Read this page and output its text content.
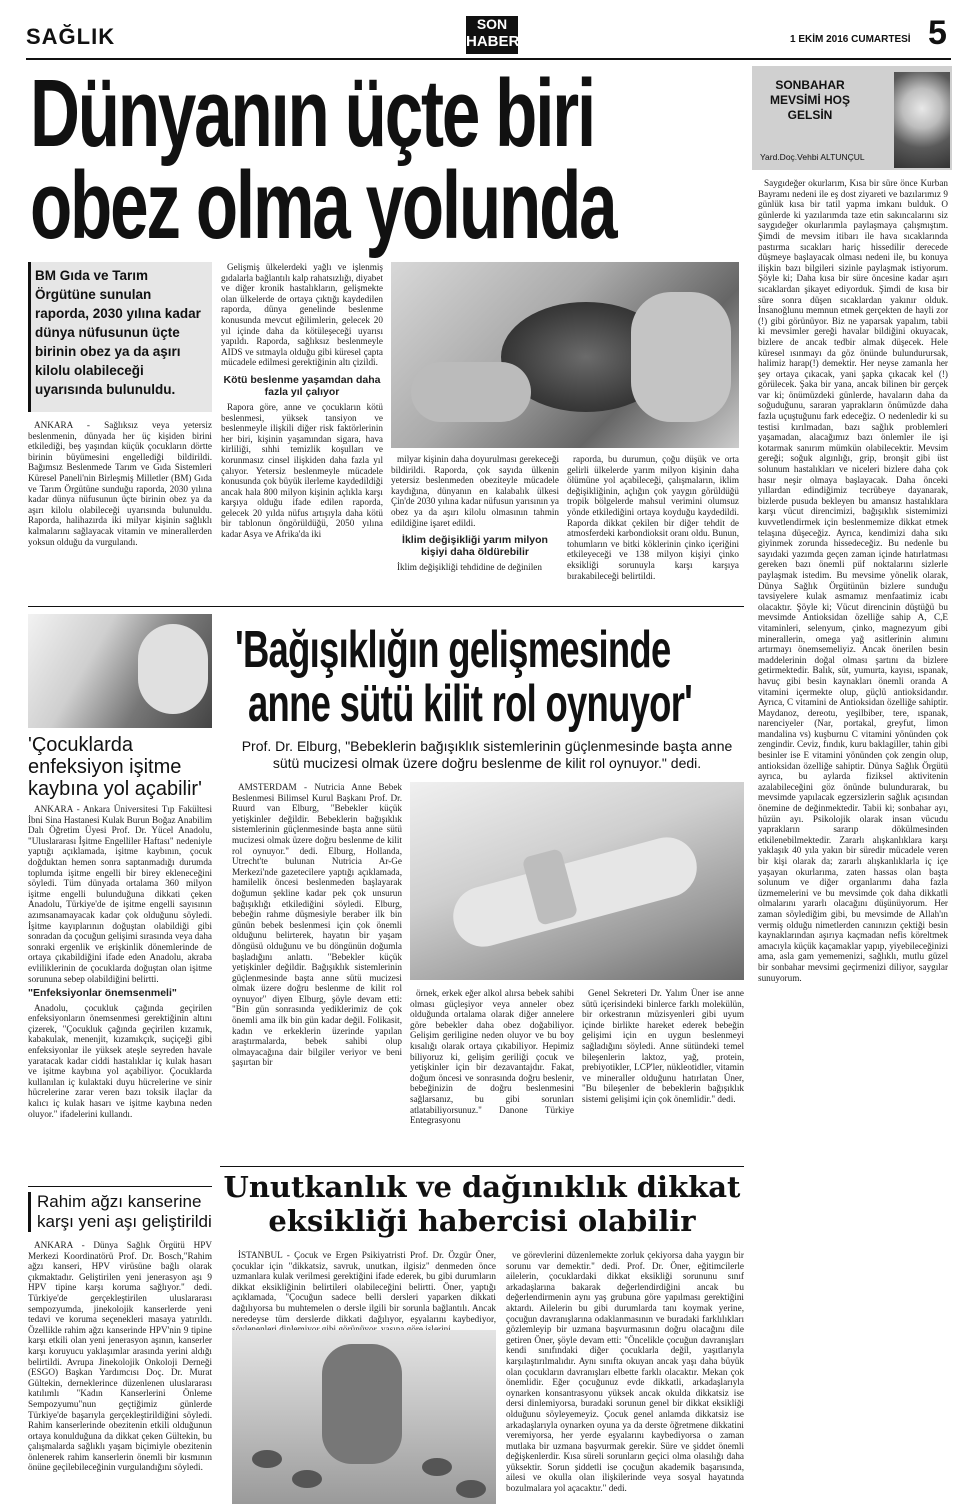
SAĞLIK	SON
HABER	1 EKİM 2016 CUMARTESİ 5
Dünyanın üçte biri
obez olma yolunda
BM Gıda ve Tarım Örgütüne sunulan raporda, 2030 yılına kadar dünya nüfusunun üçte birinin obez ya da aşırı kilolu olabileceği uyarısında bulunuldu.

ANKARA - Sağlıksız veya yetersiz beslenmenin, dünyada her üç kişiden birini etkilediği, beş yaşından küçük çocukların dörtte birinin büyümesini engellediği bildirildi. Bağımsız Beslenmede Tarım ve Gıda Sistemleri Küresel Paneli'nin Birleşmiş Milletler (BM) Gıda ve Tarım Örgütüne sunduğu raporda, 2030 yılına kadar dünya nüfusunun üçte birinin obez ya da aşırı kilolu olabileceği uyarısında bulunuldu. Raporda, halihazırda iki milyar kişinin sağlıklı kalmalarını sağlayacak vitamin ve minerallerden yoksun olduğu da vurgulandı.

Gelişmiş ülkelerdeki yağlı ve işlenmiş gıdalarla bağlantılı kalp rahatsızlığı, diyabet ve diğer kronik hastalıkların, gelişmekte olan ülkelerde de ortaya çıktığı kaydedilen raporda, dünya genelinde beslenme konusunda mevcut eğilimlerin, gelecek 20 yıl içinde daha da kötüleşeceği uyarısı yapıldı. Raporda, sağlıksız beslenmeyle AIDS ve sıtmayla olduğu gibi küresel çapta mücadele edilmesi gerektiğinin altı çizildi.

Kötü beslenme yaşamdan daha fazla yıl çalıyor

Rapora göre, anne ve çocukların kötü beslenmesi, yüksek tansiyon ve beslenmeyle ilişkili diğer risk faktörlerinin her biri, kişinin yaşamından sigara, hava kirliliği, sıhhi temizlik koşulları ve korunmasız cinsel ilişkiden daha fazla yıl çalıyor. Yetersiz beslenmeyle mücadele konusunda çok büyük ilerleme kaydedildiği ancak hala 800 milyon kişinin açlıkla karşı karşıya olduğu ifade edilen raporda, gelecek 20 yılda nüfus artışıyla daha kötü bir tablonun öngörüldüğü, 2050 yılına kadar Asya ve Afrika'da iki

milyar kişinin daha doyurulması gerekeceği bildirildi. Raporda, çok sayıda ülkenin yetersiz beslenmeden obeziteyle mücadele kaydığına, dünyanın en kalabalık ülkesi Çin'de 2030 yılına kadar nüfusun yarısının ya obez ya da aşırı kilolu olmasının tahmin edildiğine işaret edildi.

İklim değişikliği yarım milyon kişiyi daha öldürebilir

İklim değişikliği tehdidine de değinilen

raporda, bu durumun, çoğu düşük ve orta gelirli ülkelerde yarım milyon kişinin daha ölümüne yol açabileceği, çalışmaların, iklim değişikliğinin, açlığın çok yaygın görüldüğü tropik bölgelerde mahsul verimini olumsuz yönde etkilediğini ortaya koyduğu kaydedildi. Raporda dikkat çekilen bir diğer tehdit de atmosferdeki karbondioksit oranı oldu. Bunun, tohumların ve bitki köklerinin çinko içeriğini etkileyeceği ve 138 milyon kişiyi çinko eksikliği sorunuyla karşı karşıya bırakabileceği belirtildi.

SONBAHAR MEVSİMİ HOŞ GELSİN
Yard.Doç.Vehbi ALTUNÇUL

Saygıdeğer okurlarım, Kısa bir süre önce Kurban Bayramı nedeni ile eş dost ziyareti ve bazılarımız 9 günlük kısa bir tatil yapma imkanı bulduk. O günlerde ki yazılarımda taze etin sakıncalarını siz saygıdeğer okurlarımla paylaşmaya çalışmıştım. Şimdi de mevsim itibarı ile hava sıcaklarında pastırma sıcakları hariç hissedilir derecede düşmeye başlayacak olması nedeni ile, bu konuya ilişkin bazı bilgileri sizinle paylaşmak istiyorum. Şöyle ki; Daha kısa bir süre öncesine kadar aşırı sıcaklardan şikayet ediyorduk. Şimdi de kısa bir süre sonra düşen sıcaklardan yakınır olduk. İnsanoğlunu memnun etmek gerçekten de hayli zor (!) gibi görünüyor. Biz ne yaparsak yapalım, tabii ki mevsimler gereği havalar bildiğini okuyacak, bizlere de ancak tedbir almak düşecek. Hele küresel ısınmayı da göz önünde bulundurursak, halimiz harap(!) demektir. Her neyse zamanla her şey ortaya çıkacak, yani şapka çıkacak kel (!) görülecek. Şaka bir yana, ancak bilinen bir gerçek var ki; önümüzdeki günlerde, havaların daha da soğuduğunu, sararan yaprakların önümüzde daha fazla uçuştuğunu fark edeceğiz. O nedenledir ki su testisi kırılmadan, bazı sağlık problemleri yaşamadan, alacağımız bazı önlemler ile işi kotarmak sanırım mümkün olabilecektir. Mevsim gereği; soğuk algınlığı, grip, bronşit gibi üst solunum hastalıkları ve niceleri bizlere daha çok hasır neşir olmaya başlayacak. Daha önceki yıllardan edindiğimiz tecrübeye dayanarak, bizlerde pusuda bekleyen bu amansız hastalıklara karşı vücut direncimizi, bağışıklık sistemimizi kuvvetlendirmek için beslenmemize dikkat etmek telaşına düşeceğiz. Ayrıca, kendimizi daha sıkı giyinmek zorunda hissedeceğiz. Bu nedenle bu sayıdaki yazımda geçen zaman içinde hatırlatması gereken bazı önemli püf noktalarını sizlerle paylaşmak istedim. Bu mevsime yönelik olarak, Dünya Sağlık Örgütünün bizlere sunduğu tavsiyelere kulak asmamız menfaatimiz icabı olacaktır. Şöyle ki; Vücut direncinin düştüğü bu mevsimde Antioksidan özelliğe sahip A, C,E vitaminleri, selenyum, çinko, magnezyum gibi minerallerin, omega yağ asitlerinin alımını artırmayı önemsemeliyiz. Ancak önerilen besin maddelerinin doğal olması şartını da bizlere getirmektedir. Balık, süt, yumurta, kayısı, ıspanak, havuç gibi besin kaynakları önemli oranda A vitamini içermekte olup, güçlü antioksidandır. Ayrıca, C vitamini de Antioksidan özelliğe sahiptir. Maydanoz, dereotu, yeşilbiber, tere, ıspanak, narenciyeler (Nar, portakal, greyfut, limon mandalina vs) kuşburnu C vitamini yönünden çok zengindir. Ceviz, fındık, kuru baklagiller, tahin gibi besinler ise E vitamini yönünden çok zengin olup, antioksidan özelliğe sahiptir. Dünya Sağlık Örgütü ayrıca, bu aylarda fiziksel aktivitenin azalabileceğini göz önünde bulundurarak, bu mevsimde yapılacak egzersizlerin sağlık açısından önemine de değinmektedir. Tabii ki; sonbahar ayı, hüzün ayı. Psikolojik olarak insan vücudu yaprakların sararıp dökülmesinden etkilenebilmektedir. Zararlı alışkanlıklara karşı yaklaşık 40 yıla yakın bir süredir mücadele veren bir kişi olarak da; zararlı alışkanlıklarla iç içe yaşayan okurlarıma, zaten hassas olan başta solunum ve diğer organlarımı daha fazla üzmemelerini ve bu mevsimde çok daha dikkatli olmalarını yararlı olacağını düşünüyorum. Her zaman söylediğim gibi, bu mevsimde de Allah'ın vermiş olduğu nimetlerden canınızın çektiği besin kaynaklarından aşırıya kaçmadan nefis köreltmek amacıyla küçük kaçamaklar yapıp, yiyebileceğinizi ama, asla gam yememenizi, sağlıklı, mutlu güzel bir sonbahar mevsimi geçirmenizi diliyor, saygılar sunuyorum.

'Çocuklarda enfeksiyon işitme kaybına yol açabilir'

ANKARA - Ankara Üniversitesi Tıp Fakültesi İbni Sina Hastanesi Kulak Burun Boğaz Anabilim Dalı Öğretim Üyesi Prof. Dr. Yücel Anadolu, "Uluslararası İşitme Engelliler Haftası" nedeniyle yaptığı açıklamada, işitme kaybının, çocuk doğduktan hemen sonra saptanmadığı durumda toplumda işitme engelli bir birey ekleneceğini söyledi. Tüm dünyada ortalama 360 milyon işitme engelli bulunduğuna dikkati çeken Anadolu, Türkiye'de de işitme engelli sayısının azımsanamayacak kadar çok olduğunu söyledi. İşitme kayıplarının doğuştan olabildiği gibi sonradan da çocuğun gelişimi sırasında veya daha sonraki ergenlik ve erişkinlik dönemlerinde de ortaya çıkabildiğini ifade eden Anadolu, akraba evliliklerinin de çocuklarda doğuştan olan işitme sorununa sebep olabildiğini belirtti.

"Enfeksiyonlar önemsenmeli"

Anadolu, çocukluk çağında geçirilen enfeksiyonların önemsenmesi gerektiğinin altını çizerek, "Çocukluk çağında geçirilen kızamık, kabakulak, menenjit, kızamıkçık, suçiçeği gibi enfeksiyonlar ile yüksek ateşle seyreden havale yaratacak kadar ciddi hastalıklar iç kulak hasarı ve işitme kaybına yol açabiliyor. Çocuklarda kullanılan iç kulaktaki duyu hücrelerine ve sinir hücrelerine zarar veren bazı toksik ilaçlar da kalıcı iç kulak hasarı ve işitme kaybına neden oluyor." ifadelerini kullandı.

'Bağışıklığın gelişmesinde
anne sütü kilit rol oynuyor'
Prof. Dr. Elburg, "Bebeklerin bağışıklık sistemlerinin güçlenmesinde başta anne sütü mucizesi olmak üzere doğru beslenme de kilit rol oynuyor." dedi.

AMSTERDAM - Nutricia Anne Bebek Beslenmesi Bilimsel Kurul Başkanı Prof. Dr. Ruurd van Elburg, "Bebekler küçük yetişkinler değildir. Bebeklerin bağışıklık sistemlerinin güçlenmesinde başta anne sütü mucizesi olmak üzere doğru beslenme de kilit rol oynuyor." dedi. Elburg, Hollanda, Utrecht'te bulunan Nutricia Ar-Ge Merkezi'nde gazetecilere yaptığı açıklamada, hamilelik öncesi beslenmeden başlayarak doğumun şekline kadar pek çok unsurun bağışıklığı etkilediğini söyledi. Elburg, bebeğin rahme düşmesiyle beraber ilk bin günün bebek beslenmesi için çok önemli olduğunu belirterek, hayatın bir yaşam döngüsü olduğunu ve bu döngünün doğumla başladığını anlattı. "Bebekler küçük yetişkinler değildir. Bağışıklık sistemlerinin güçlenmesinde başta anne sütü mucizesi olmak üzere doğru beslenme de kilit rol oynuyor" diyen Elburg, şöyle devam etti: "Bin gün sonrasında yediklerimiz de çok önemli ama ilk bin gün kadar değil. Folikasit, kadın ve erkeklerin üzerinde yapılan araştırmalarda, bebek sahibi olup olmayacağına dair bilgiler veriyor ve beni şaşırtan bir

örnek, erkek eğer alkol alırsa bebek sahibi olması güçleşiyor veya anneler obez olduğunda ortalama olarak diğer annelere göre bebekler daha obez doğabiliyor. Gelişim geriligine neden oluyor ve bu boy kısalığı olarak ortaya çıkabiliyor. Hepimiz biliyoruz ki, gelişim geriliği çocuk ve yetişkinler için bir dezavantajdır. Fakat, doğum öncesi ve sonrasında doğru beslenir, bebeğinizin de doğru beslenmesini sağlarsanız, bu gibi sorunları atlatabiliyorsunuz." Danone Türkiye Entegrasyonu

Genel Sekreteri Dr. Yalım Üner ise anne sütü içerisindeki binlerce farklı molekülün, bir orkestranın müzisyenleri gibi uyum içinde birlikte hareket ederek bebeğin gelişimi için en uygun beslenmeyi sağladığını söyledi. Anne sütündeki temel bileşenlerin laktoz, yağ, protein, prebiyotikler, LCP'ler, nükleotidler, vitamin ve mineraller olduğunu hatırlatan Üner, "Bu bileşenler de bebeklerin bağışıklık sistemi gelişimi için çok önemlidir." dedi.

Rahim ağzı kanserine karşı yeni aşı geliştirildi

ANKARA - Dünya Sağlık Örgütü HPV Merkezi Koordinatörü Prof. Dr. Bosch,"Rahim ağzı kanseri, HPV virüsüne bağlı olarak çıkmaktadır. Geliştirilen yeni jenerasyon aşı 9 HPV tipine karşı koruma sağlıyor." dedi. Türkiye'de gerçekleştirilen uluslararası sempozyumda, jinekolojik kanserlerde yeni tedavi ve koruma seçenekleri masaya yatırıldı. Özellikle rahim ağzı kanserinde HPV'nin 9 tipine karşı etkili olan yeni jenerasyon aşının, kanserler karşı koruyucu yaklaşımlar arasında yerini aldığı belirtildi. Avrupa Jinekolojik Onkoloji Derneği (ESGO) Başkan Yardımcısı Doç. Dr. Murat Gültekin, derneklerince düzenlenen uluslararası katılımlı "Kadın Kanserlerini Önleme Sempozyumu"nun geçtiğimiz günlerde Türkiye'de başarıyla gerçekleştirildiğini söyledi. Rahim kanserlerinde obezitenin etkili olduğunun ortaya konulduğuna da dikkat çeken Gültekin, bu çalışmalarda sağlıklı yaşam biçimiyle obezitenin önlenerek rahim kanserlerin önemli bir kısmının önüne geçilebileceğinin vurgulandığını söyledi.

Unutkanlık ve dağınıklık dikkat
eksikliği habercisi olabilir

İSTANBUL - Çocuk ve Ergen Psikiyatristi Prof. Dr. Özgür Öner, çocuklar için "dikkatsiz, savruk, unutkan, ilgisiz" denmeden önce uzmanlara kulak verilmesi gerektiğini ifade ederek, bu gibi durumların dikkat eksikliğinin belirtileri olabileceğini belirtti. Öner, yaptığı açıklamada, "Çocuğun sadece belli dersleri yaparken dikkati dağılıyorsa bu muhtemelen o dersle ilgili bir sorunla bağlantılı. Ancak neredeyse tüm derslerde dikkati dağılıyor, eşyalarını kaybediyor,

ve görevlerini düzenlemekte zorluk çekiyorsa daha yaygın bir sorunu var demektir." dedi. Prof. Dr. Öner, eğitimcilerle ailelerin, çocuklardaki dikkat eksikliği sorununu sınıf arkadaşlarına bakarak değerlendirdiğini ancak bu değerlendirmenin aynı yaş grubuna göre yapılması gerektiğini aktardı. Ailelerin bu gibi durumlarda tanı koymak yerine, çocuğun davranışlarına odaklanmasının ve buradaki farklılıkları gözlemleyip bir uzmana başvurmasının doğru olacağını dile getiren Öner, şöyle devam etti: "Öncelikle çocuğun davranışları kendi sınıfındaki diğer çocuklarla değil, yaşıtlarıyla karşılaştırılmalıdır. Aynı sınıfta okuyan ancak yaşı daha büyük olan çocukların davranışları elbette farklı olacaktır. Mekan çok önemlidir. Eğer çocuğunuz evde dikkatli, arkadaşlarıyla oynarken konsantrasyonu yüksek ancak okulda dikkatsiz ise dersi dinlemiyorsa, buradaki sorunun genel bir dikkat eksikliği olduğunu söyleyemeyiz. Çocuk genel anlamda dikkatsiz ise arkadaşlarıyla oynarken oyuna ya da derste öğretmene dikkatini veremiyorsa, her yerde eşyalarını kaybediyorsa o zaman mutlaka bir uzmana başvurmak gerekir. Süre ve şiddet önemli değişkenlerdir. Kısa süreli sorunların geçici olma olasılığı daha yüksektir. Sorun şiddetli ise çocuğun akademik başarısında, ailesi ve okulla olan ilişkilerinde veya sosyal hayatında bozulmalara yol açacaktır." dedi.
